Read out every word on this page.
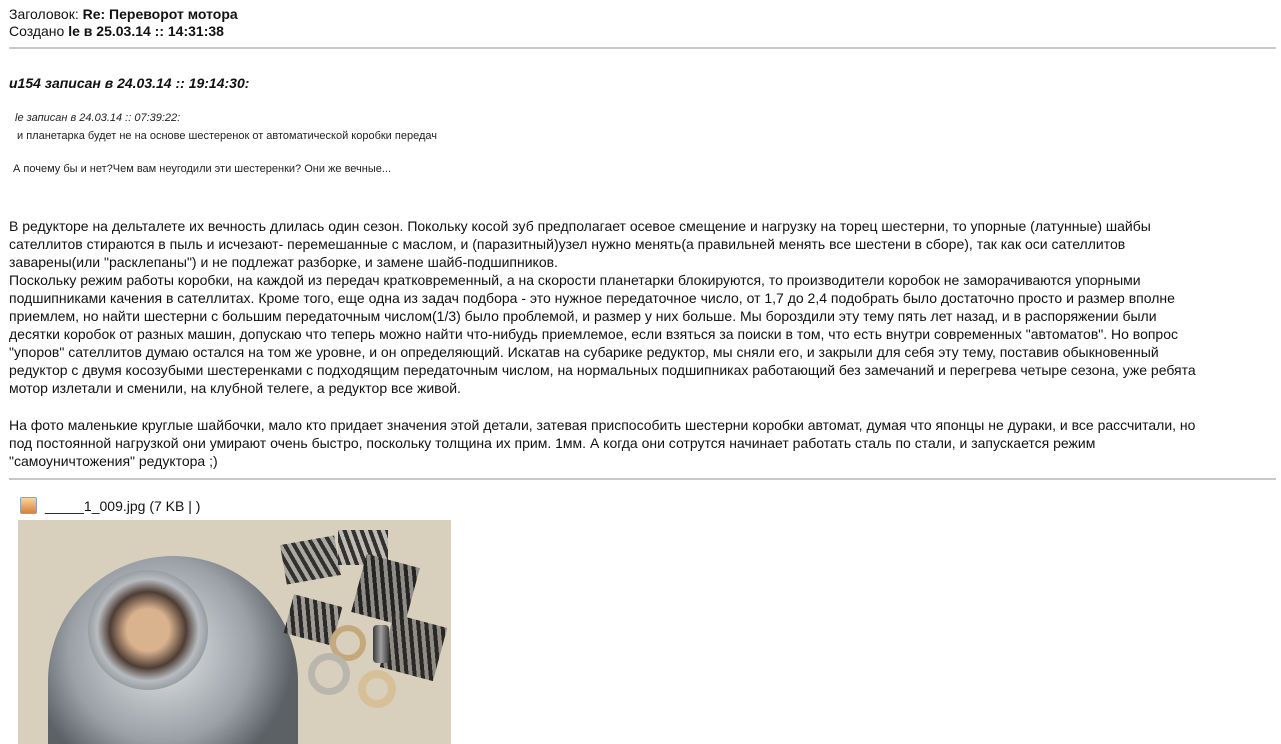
Заголовок: Re: Переворот мотора
Создано le в 25.03.14 :: 14:31:38
u154 записан в 24.03.14 :: 19:14:30:
le записан в 24.03.14 :: 07:39:22:
и планетарка будет не на основе шестеренок от автоматической коробки передач
А почему бы и нет?Чем вам неугодили эти шестеренки? Они же вечные...
В редукторе на дельталете их вечность длилась один сезон. Покольку косой зуб предполагает осевое смещение и нагрузку на торец шестерни, то упорные (латунные) шайбы
сателлитов стираются в пыль и исчезают- перемешанные с маслом, и (паразитный)узел нужно менять(а правильней менять все шестени в сборе), так как оси сателлитов
заварены(или "расклепаны") и не подлежат разборке, и замене шайб-подшипников.
Поскольку режим работы коробки, на каждой из передач кратковременный, а на скорости планетарки блокируются, то производители коробок не заморачиваются упорными
подшипниками качения в сателлитах. Кроме того, еще одна из задач подбора - это нужное передаточное число, от 1,7 до 2,4 подобрать было достаточно просто и размер вполне
приемлем, но найти шестерни с большим передаточным числом(1/3) было проблемой, и размер у них больше. Мы бороздили эту тему пять лет назад, и в распоряжении были
десятки коробок от разных машин, допускаю что теперь можно найти что-нибудь приемлемое, если взяться за поиски в том, что есть внутри современных "автоматов". Но вопрос
"упоров" сателлитов думаю остался на том же уровне, и он определяющий. Искатав на субарике редуктор, мы сняли его, и закрыли для себя эту тему, поставив обыкновенный
редуктор с двумя косозубыми шестеренками с подходящим передаточным числом, на нормальных подшипниках работающий без замечаний и перегрева четыре сезона, уже ребята
мотор излетали и сменили, на клубной телеге, а редуктор все живой.
На фото маленькие круглые шайбочки, мало кто придает значения этой детали, затевая приспособить шестерни коробки автомат, думая что японцы не дураки, и все рассчитали, но
под постоянной нагрузкой они умирают очень быстро, поскольку толщина их прим. 1мм. А когда они сотрутся начинает работать сталь по стали, и запускается режим
"самоуничтожения" редуктора ;)
_____1_009.jpg (7 KB | )
